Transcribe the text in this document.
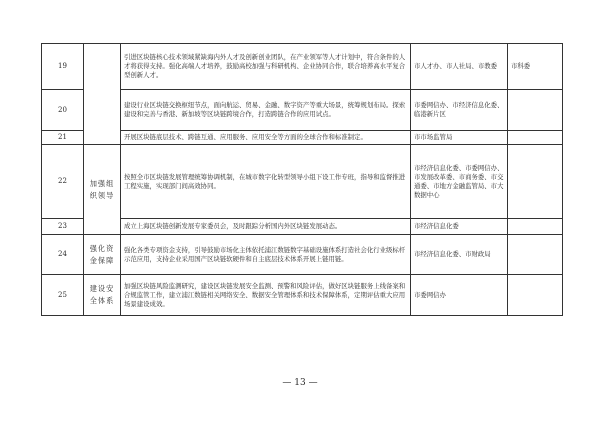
19		引进区块链核心技术领域紧缺海内外人才及创新创业团队，在产业领军等人才计划中，符合条件的人才将获得支持。强化高端人才培养，鼓励高校加强与科研机构、企业协同合作，联合培养高水平复合型创新人才。	市人才办、市人社局、市教委	市科委
20		建设行业区块链交换枢纽节点，面向航运、贸易、金融、数字资产等重大场景，统筹规划布局。探索建设和完善与香港、新加坡等区块链跨境合作，打造跨链合作的应用试点。	市委网信办、市经济信息化委、临港新片区	
21		开展区块链底层技术、跨链互通、应用服务、应用安全等方面的全球合作和标准制定。	市市场监管局	
22	加强组织领导	按照全市区块链发展管理统筹协调机制，在城市数字化转型领导小组下设工作专班，指导和监督推进工程实施，实现部门间高效协同。	市经济信息化委、市委网信办、市发展改革委、市商务委、市交通委、市地方金融监管局、市大数据中心	
23		成立上海区块链创新发展专家委员会，及时跟踪分析国内外区块链发展动态。	市经济信息化委	
24	强化资金保障	强化各类专项资金支持，引导鼓励市场化主体依托浦江数链数字基础设施体系打造社会化行业级标杆示范应用，支持企业采用国产区块链软硬件和自主底层技术体系开展上链用链。	市经济信息化委、市财政局	
25	建设安全体系	加强区块链风险监测研究，建设区块链发展安全监测、预警和风险评估，做好区块链服务上线备案和合规监管工作，建立浦江数链相关网络安全、数据安全管理体系和技术保障体系，定期评估重大应用场景建设成效。	市委网信办	
— 13 —
